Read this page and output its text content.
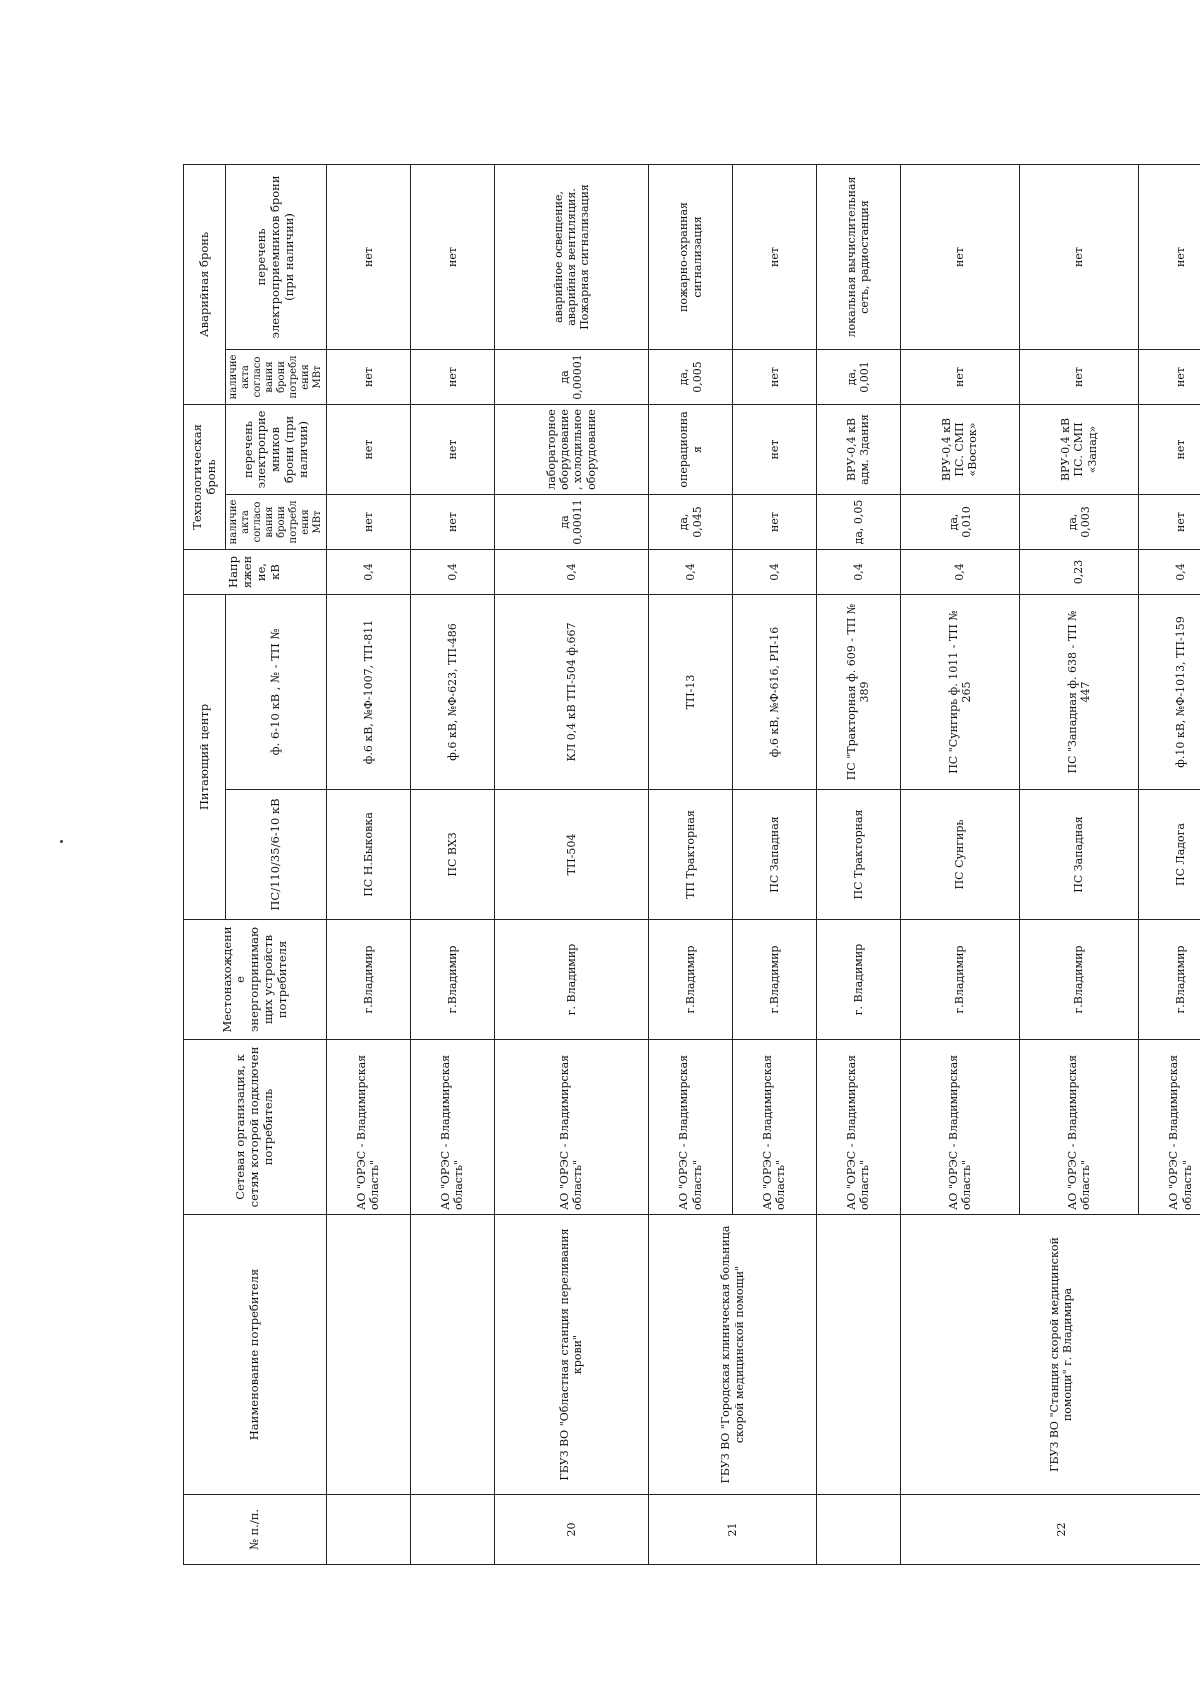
№ п./п.	Наименование потребителя	Сетевая организация, к сетям которой подключен потребитель	Местонахождение энергопринимающих устройств потребителя	Питающий центр		Напряжение, кВ	Технологическая бронь		Аварийная бронь	
				ПС/110/35/6-10 кВ	ф. 6-10 кВ , № - ТП №		наличие акта согласования брони потребления МВт	перечень электроприемников брони (при наличии)	наличие акта согласования брони потребления МВт	перечень электроприемников брони (при наличии)
		АО "ОРЭС - Владимирская область"	г.Владимир	ПС Н.Быковка	ф.6 кВ, №Ф-1007, ТП-811	0,4	нет	нет	нет	нет
		АО "ОРЭС - Владимирская область"	г.Владимир	ПС ВХЗ	ф.6 кВ, №Ф-623, ТП-486	0,4	нет	нет	нет	нет
20	ГБУЗ ВО "Областная станция переливания крови"	АО "ОРЭС - Владимирская область"	г. Владимир	ТП-504	КЛ 0,4 кВ ТП-504 ф.667	0,4	да 0,00011	лабораторное оборудование, холодильное оборудование	да 0,00001	аварийное освещение, аварийная вентиляция. Пожарная сигнализация
21	ГБУЗ ВО "Городская клиническая больница скорой медицинской помощи"	АО "ОРЭС - Владимирская область"	г.Владимир	ТП Тракторная	ТП-13	0,4	да, 0,045	операционная	да, 0,005	пожарно-охранная сигнализация
		АО "ОРЭС - Владимирская область"	г.Владимир	ПС Западная	ф.6 кВ, №Ф-616, РП-16	0,4	нет	нет	нет	нет
		АО "ОРЭС - Владимирская область"	г. Владимир	ПС Тракторная	ПС "Тракторная ф. 609 - ТП № 389	0,4	да, 0,05	ВРУ-0,4 кВ адм. Здания	да, 0,001	локальная вычислительная сеть, радиостанция
22	ГБУЗ ВО "Станция скорой медицинской помощи" г. Владимира	АО "ОРЭС - Владимирская область"	г.Владимир	ПС Сунгирь	ПС "Сунгирь ф. 1011 - ТП № 265	0,4	да, 0,010	ВРУ-0,4 кВ ПС. СМП «Восток»	нет	нет
		АО "ОРЭС - Владимирская область"	г.Владимир	ПС Западная	ПС "Западная ф. 638 - ТП № 447	0,23	да, 0,003	ВРУ-0,4 кВ ПС. СМП «Запад»	нет	нет
		АО "ОРЭС - Владимирская область"	г.Владимир	ПС Ладога	ф.10 кВ, №Ф-1013, ТП-159	0,4	нет	нет	нет	нет
